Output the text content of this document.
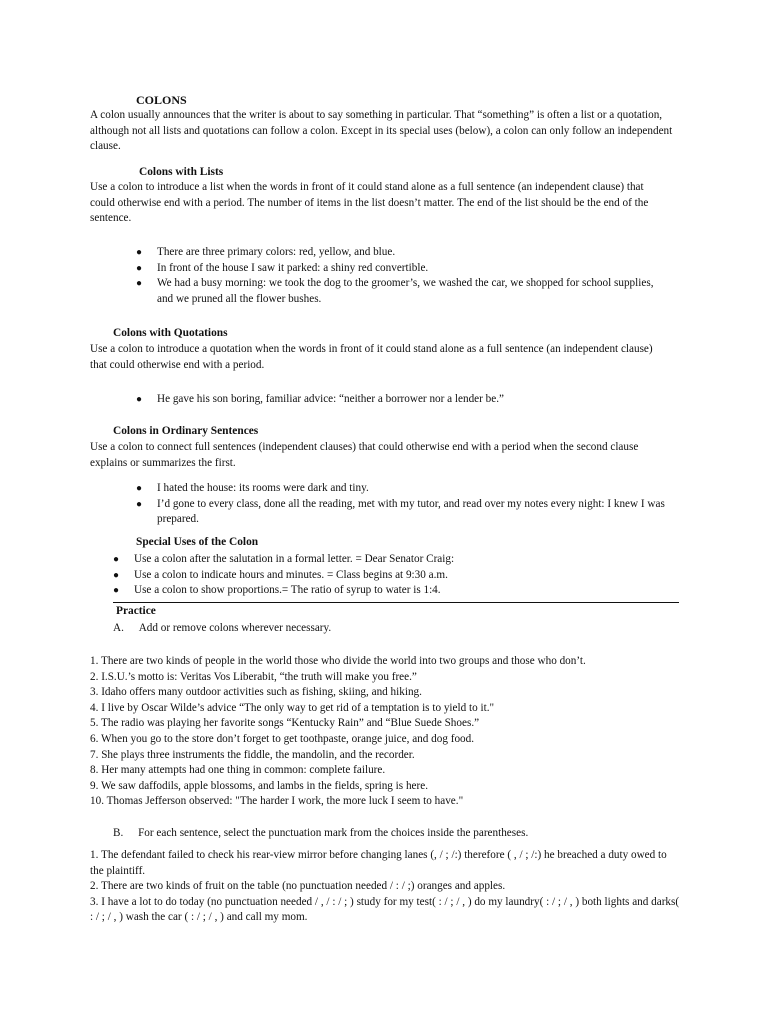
COLONS

A colon usually announces that the writer is about to say something in particular. That “something” is often a list or a quotation, although not all lists and quotations can follow a colon. Except in its special uses (below), a colon can only follow an independent clause.

Colons with Lists

Use a colon to introduce a list when the words in front of it could stand alone as a full sentence (an independent clause) that could otherwise end with a period. The number of items in the list doesn’t matter. The end of the list should be the end of the sentence.

● There are three primary colors: red, yellow, and blue.
● In front of the house I saw it parked: a shiny red convertible.
● We had a busy morning: we took the dog to the groomer’s, we washed the car, we shopped for school supplies, and we pruned all the flower bushes.
Colons with Quotations

Use a colon to introduce a quotation when the words in front of it could stand alone as a full sentence (an independent clause) that could otherwise end with a period.

● He gave his son boring, familiar advice: “neither a borrower nor a lender be.”
Colons in Ordinary Sentences

Use a colon to connect full sentences (independent clauses) that could otherwise end with a period when the second clause explains or summarizes the first.

● I hated the house: its rooms were dark and tiny.
● I’d gone to every class, done all the reading, met with my tutor, and read over my notes every night: I knew I was prepared.
Special Uses of the Colon
● Use a colon after the salutation in a formal letter. = Dear Senator Craig:
● Use a colon to indicate hours and minutes. = Class begins at 9:30 a.m.
● Use a colon to show proportions.= The ratio of syrup to water is 1:4.
Practice
A. Add or remove colons wherever necessary.
1. There are two kinds of people in the world those who divide the world into two groups and those who don’t.
2. I.S.U.’s motto is: Veritas Vos Liberabit, “the truth will make you free.”
3. Idaho offers many outdoor activities such as fishing, skiing, and hiking.
4. I live by Oscar Wilde’s advice “The only way to get rid of a temptation is to yield to it."
5. The radio was playing her favorite songs “Kentucky Rain” and “Blue Suede Shoes.”
6. When you go to the store don’t forget to get toothpaste, orange juice, and dog food.
7. She plays three instruments the fiddle, the mandolin, and the recorder.
8. Her many attempts had one thing in common: complete failure.
9. We saw daffodils, apple blossoms, and lambs in the fields, spring is here.
10. Thomas Jefferson observed: "The harder I work, the more luck I seem to have."
B. For each sentence, select the punctuation mark from the choices inside the parentheses.
1. The defendant failed to check his rear-view mirror before changing lanes (, / ; /:) therefore ( , / ; /:) he breached a duty owed to the plaintiff.
2. There are two kinds of fruit on the table (no punctuation needed / : / ;) oranges and apples.
3. I have a lot to do today (no punctuation needed / , / : / ; ) study for my test( : / ; / , ) do my laundry( : / ; / , ) both lights and darks( : / ; / , ) wash the car ( : / ; / , ) and call my mom.
